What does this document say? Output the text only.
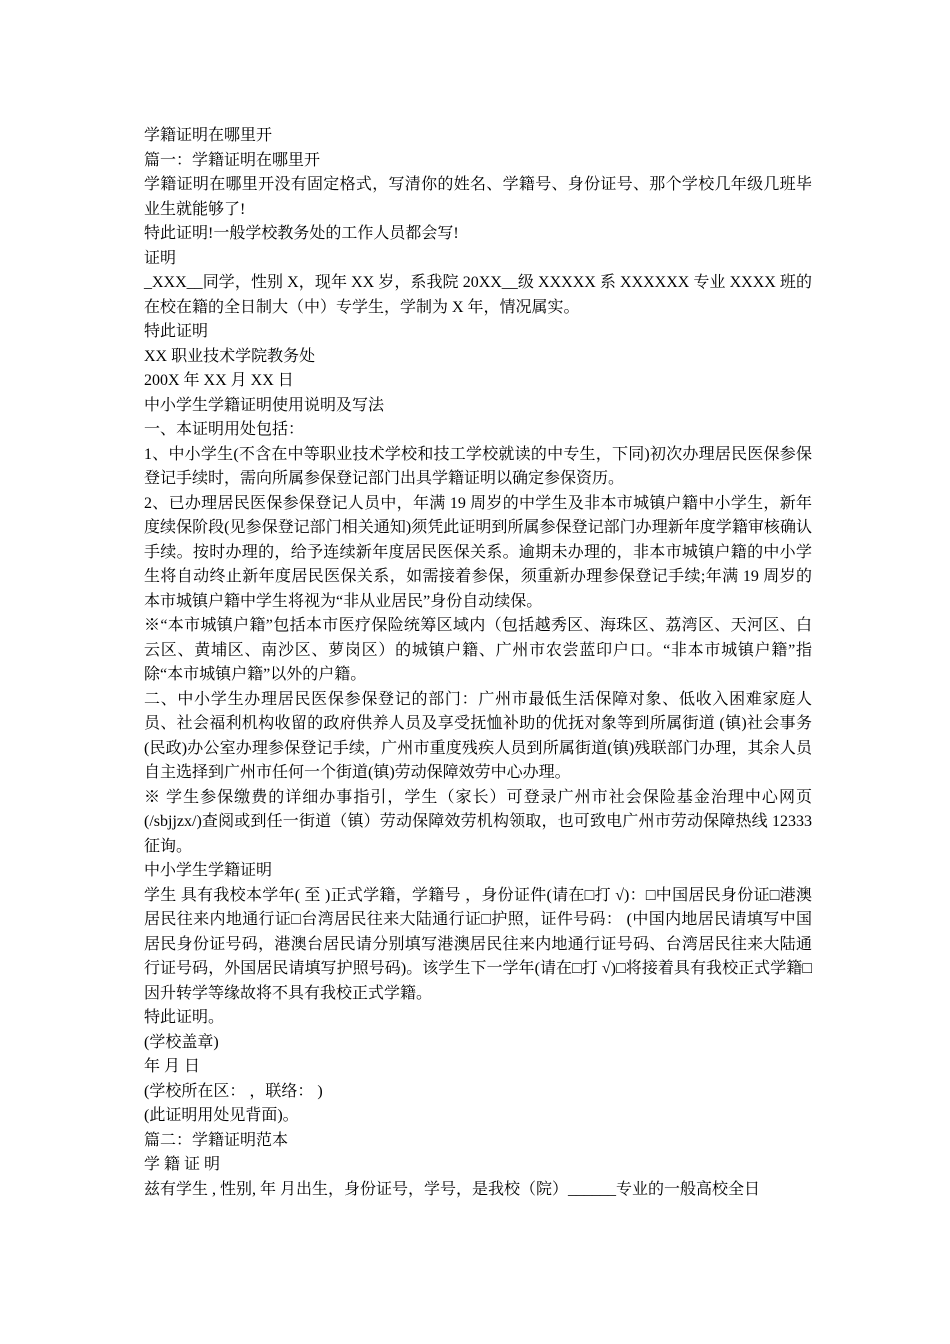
学籍证明在哪里开
篇一：学籍证明在哪里开
学籍证明在哪里开没有固定格式，写清你的姓名、学籍号、身份证号、那个学校几年级几班毕业生就能够了!
特此证明!一般学校教务处的工作人员都会写!
证明
_XXX__同学，性别 X，现年 XX 岁，系我院 20XX__级 XXXXX 系 XXXXXX 专业 XXXX 班的在校在籍的全日制大（中）专学生，学制为 X 年，情况属实。
特此证明
XX 职业技术学院教务处
200X 年 XX 月 XX 日
中小学生学籍证明使用说明及写法
一、本证明用处包括：
1、中小学生(不含在中等职业技术学校和技工学校就读的中专生，下同)初次办理居民医保参保登记手续时，需向所属参保登记部门出具学籍证明以确定参保资历。
2、已办理居民医保参保登记人员中，年满 19 周岁的中学生及非本市城镇户籍中小学生，新年度续保阶段(见参保登记部门相关通知)须凭此证明到所属参保登记部门办理新年度学籍审核确认手续。按时办理的，给予连续新年度居民医保关系。逾期未办理的，非本市城镇户籍的中小学生将自动终止新年度居民医保关系，如需接着参保，须重新办理参保登记手续;年满 19 周岁的本市城镇户籍中学生将视为“非从业居民”身份自动续保。
※“本市城镇户籍”包括本市医疗保险统筹区域内（包括越秀区、海珠区、荔湾区、天河区、白云区、黄埔区、南沙区、萝岗区）的城镇户籍、广州市农尝蓝印户口。“非本市城镇户籍”指除“本市城镇户籍”以外的户籍。
二、中小学生办理居民医保参保登记的部门：广州市最低生活保障对象、低收入困难家庭人员、社会福利机构收留的政府供养人员及享受抚恤补助的优抚对象等到所属街道 (镇)社会事务(民政)办公室办理参保登记手续，广州市重度残疾人员到所属街道(镇)残联部门办理，其余人员自主选择到广州市任何一个街道(镇)劳动保障效劳中心办理。
※ 学生参保缴费的详细办事指引，学生（家长）可登录广州市社会保险基金治理中心网页(/sbjjzx/)查阅或到任一街道（镇）劳动保障效劳机构领取，也可致电广州市劳动保障热线 12333 征询。
中小学生学籍证明
学生 具有我校本学年( 至 )正式学籍，学籍号 ，身份证件(请在□打 √)：□中国居民身份证□港澳居民往来内地通行证□台湾居民往来大陆通行证□护照，证件号码： (中国内地居民请填写中国居民身份证号码，港澳台居民请分别填写港澳居民往来内地通行证号码、台湾居民往来大陆通行证号码，外国居民请填写护照号码)。该学生下一学年(请在□打 √)□将接着具有我校正式学籍□因升转学等缘故将不具有我校正式学籍。
特此证明。
(学校盖章)
年 月 日
(学校所在区： ，联络： )
(此证明用处见背面)。
篇二：学籍证明范本
学 籍 证 明
兹有学生 , 性别, 年 月出生，身份证号，学号，是我校（院）______专业的一般高校全日
